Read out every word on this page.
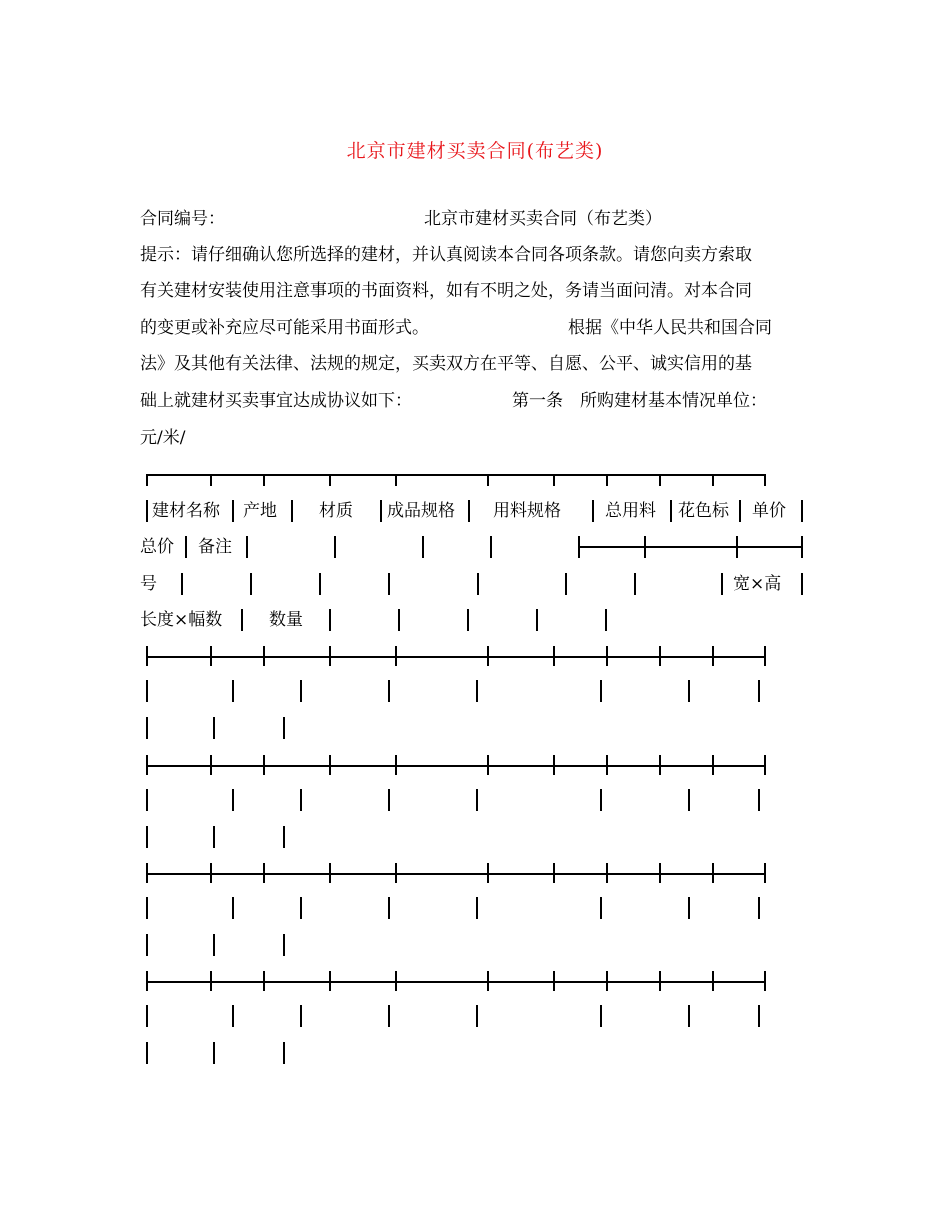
北京市建材买卖合同(布艺类)
合同编号：	北京市建材买卖合同（布艺类）
提示：请仔细确认您所选择的建材，并认真阅读本合同各项条款。请您向卖方索取
有关建材安装使用注意事项的书面资料，如有不明之处，务请当面问清。对本合同
的变更或补充应尽可能采用书面形式。	根据《中华人民共和国合同
法》及其他有关法律、法规的规定，买卖双方在平等、自愿、公平、诚实信用的基
础上就建材买卖事宜达成协议如下：	第一条　所购建材基本情况单位：
元/米/
建材名称 产地 材质 成品规格 用料规格	总用料 花色标 单价
总价 备注
号	宽×高
长度×幅数	数量
